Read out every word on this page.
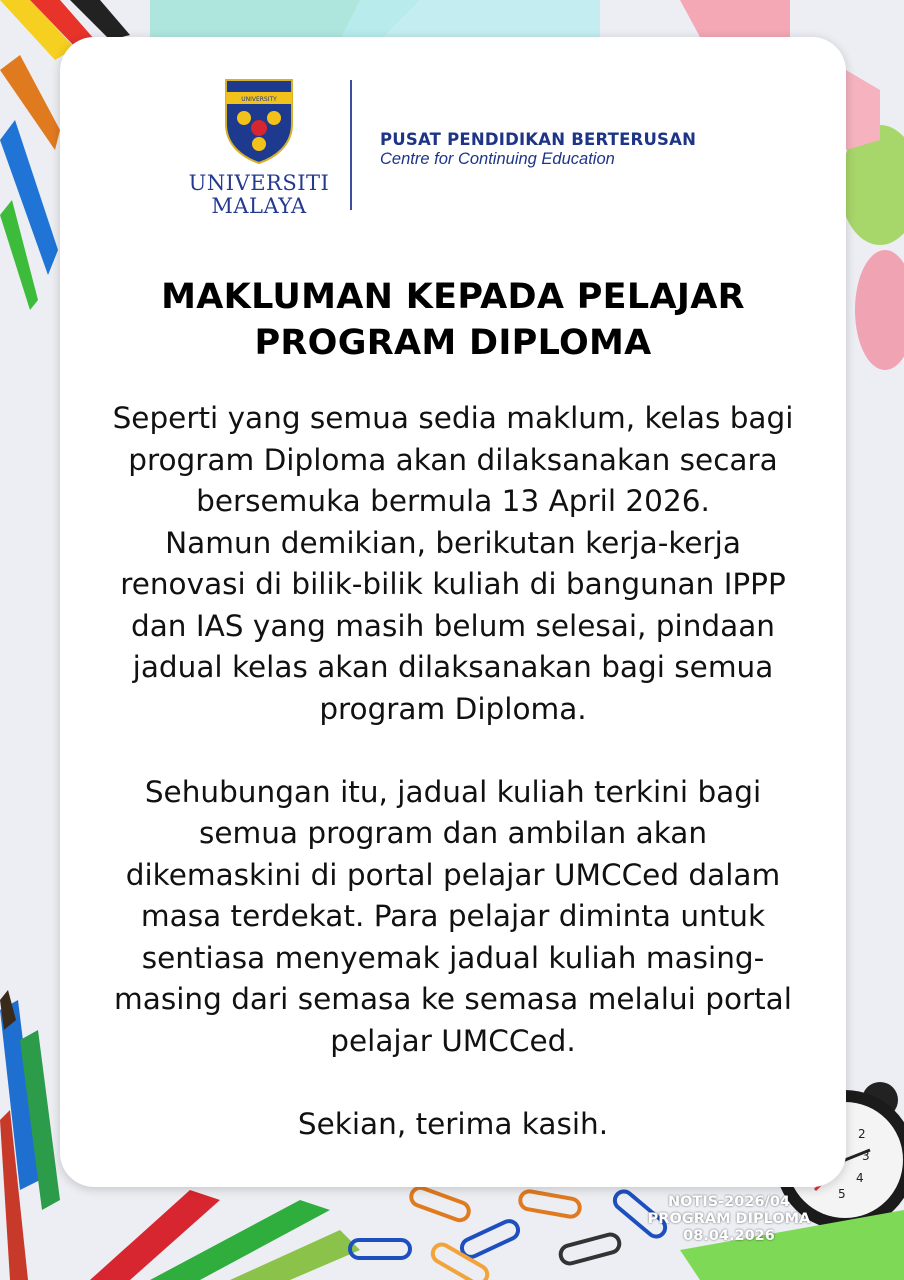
2
3
4
5
UNIVERSITY
UNIVERSITI
MALAYA
PUSAT PENDIDIKAN BERTERUSAN
Centre for Continuing Education
MAKLUMAN KEPADA PELAJAR
PROGRAM DIPLOMA
Seperti yang semua sedia maklum, kelas bagi
program Diploma akan dilaksanakan secara
bersemuka bermula 13 April 2026.
Namun demikian, berikutan kerja-kerja
renovasi di bilik-bilik kuliah di bangunan IPPP
dan IAS yang masih belum selesai, pindaan
jadual kelas akan dilaksanakan bagi semua
program Diploma.
Sehubungan itu, jadual kuliah terkini bagi
semua program dan ambilan akan
dikemaskini di portal pelajar UMCCed dalam
masa terdekat. Para pelajar diminta untuk
sentiasa menyemak jadual kuliah masing-
masing dari semasa ke semasa melalui portal
pelajar UMCCed.
Sekian, terima kasih.
NOTIS-2026/04
PROGRAM DIPLOMA
08.04.2026
